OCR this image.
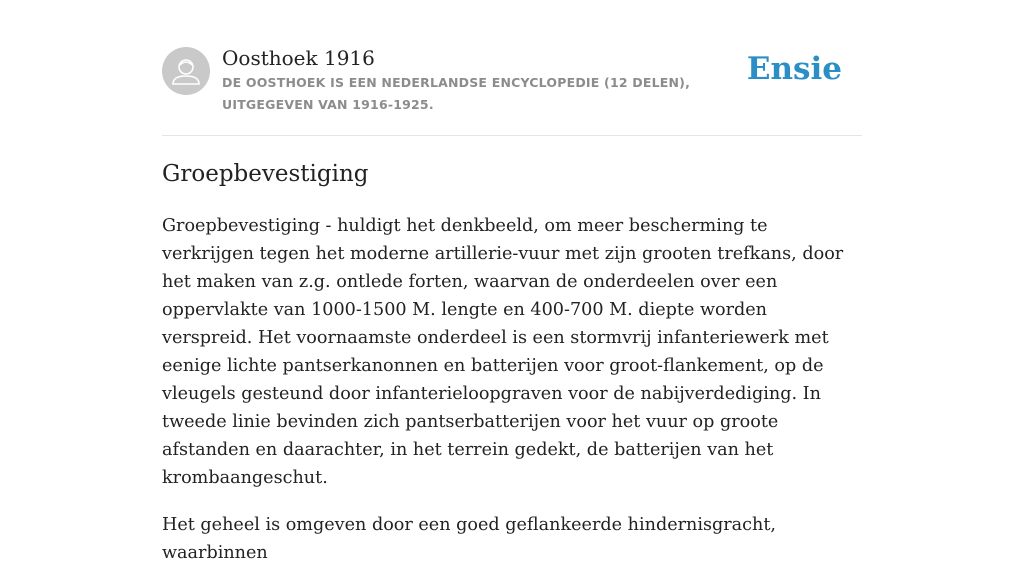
Oosthoek 1916
DE OOSTHOEK IS EEN NEDERLANDSE ENCYCLOPEDIE (12 DELEN), UITGEGEVEN VAN 1916-1925.
Ensie
Groepbevestiging

Groepbevestiging - huldigt het denkbeeld, om meer bescherming te verkrijgen tegen het moderne artillerie-vuur met zijn grooten trefkans, door het maken van z.g. ontlede forten, waarvan de onderdeelen over een oppervlakte van 1000-1500 M. lengte en 400-700 M. diepte worden verspreid. Het voornaamste onderdeel is een stormvrij infanteriewerk met eenige lichte pantserkanonnen en batterijen voor groot-flankement, op de vleugels gesteund door infanterieloopgraven voor de nabijverdediging. In tweede linie bevinden zich pantserbatterijen voor het vuur op groote afstanden en daarachter, in het terrein gedekt, de batterijen van het krombaangeschut.

Het geheel is omgeven door een goed geflankeerde hindernisgracht, waarbinnen
